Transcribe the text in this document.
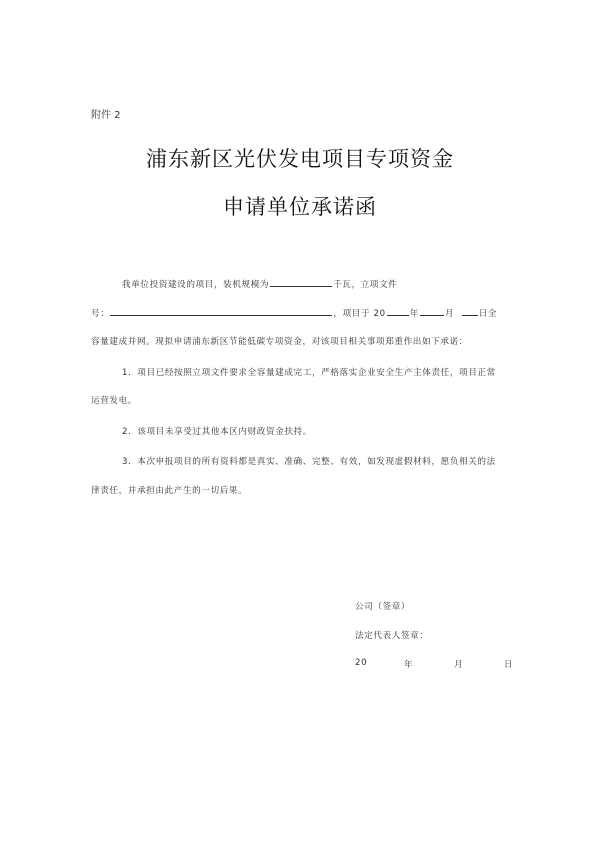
附件 2
浦东新区光伏发电项目专项资金
申请单位承诺函
我单位投资建设的项目，装机规模为	千瓦，立项文件
号：	，项目于 20	年	月	日全
容量建成并网。现拟申请浦东新区节能低碳专项资金，对该项目相关事项郑重作出如下承诺：
1．项目已经按照立项文件要求全容量建成完工，严格落实企业安全生产主体责任，项目正常
运营发电。
2．该项目未享受过其他本区内财政资金扶持。
3．本次申报项目的所有资料都是真实、准确、完整、有效，如发现虚假材料，愿负相关的法
律责任，并承担由此产生的一切后果。
公司（签章）
法定代表人签章：
20	年	月	日
